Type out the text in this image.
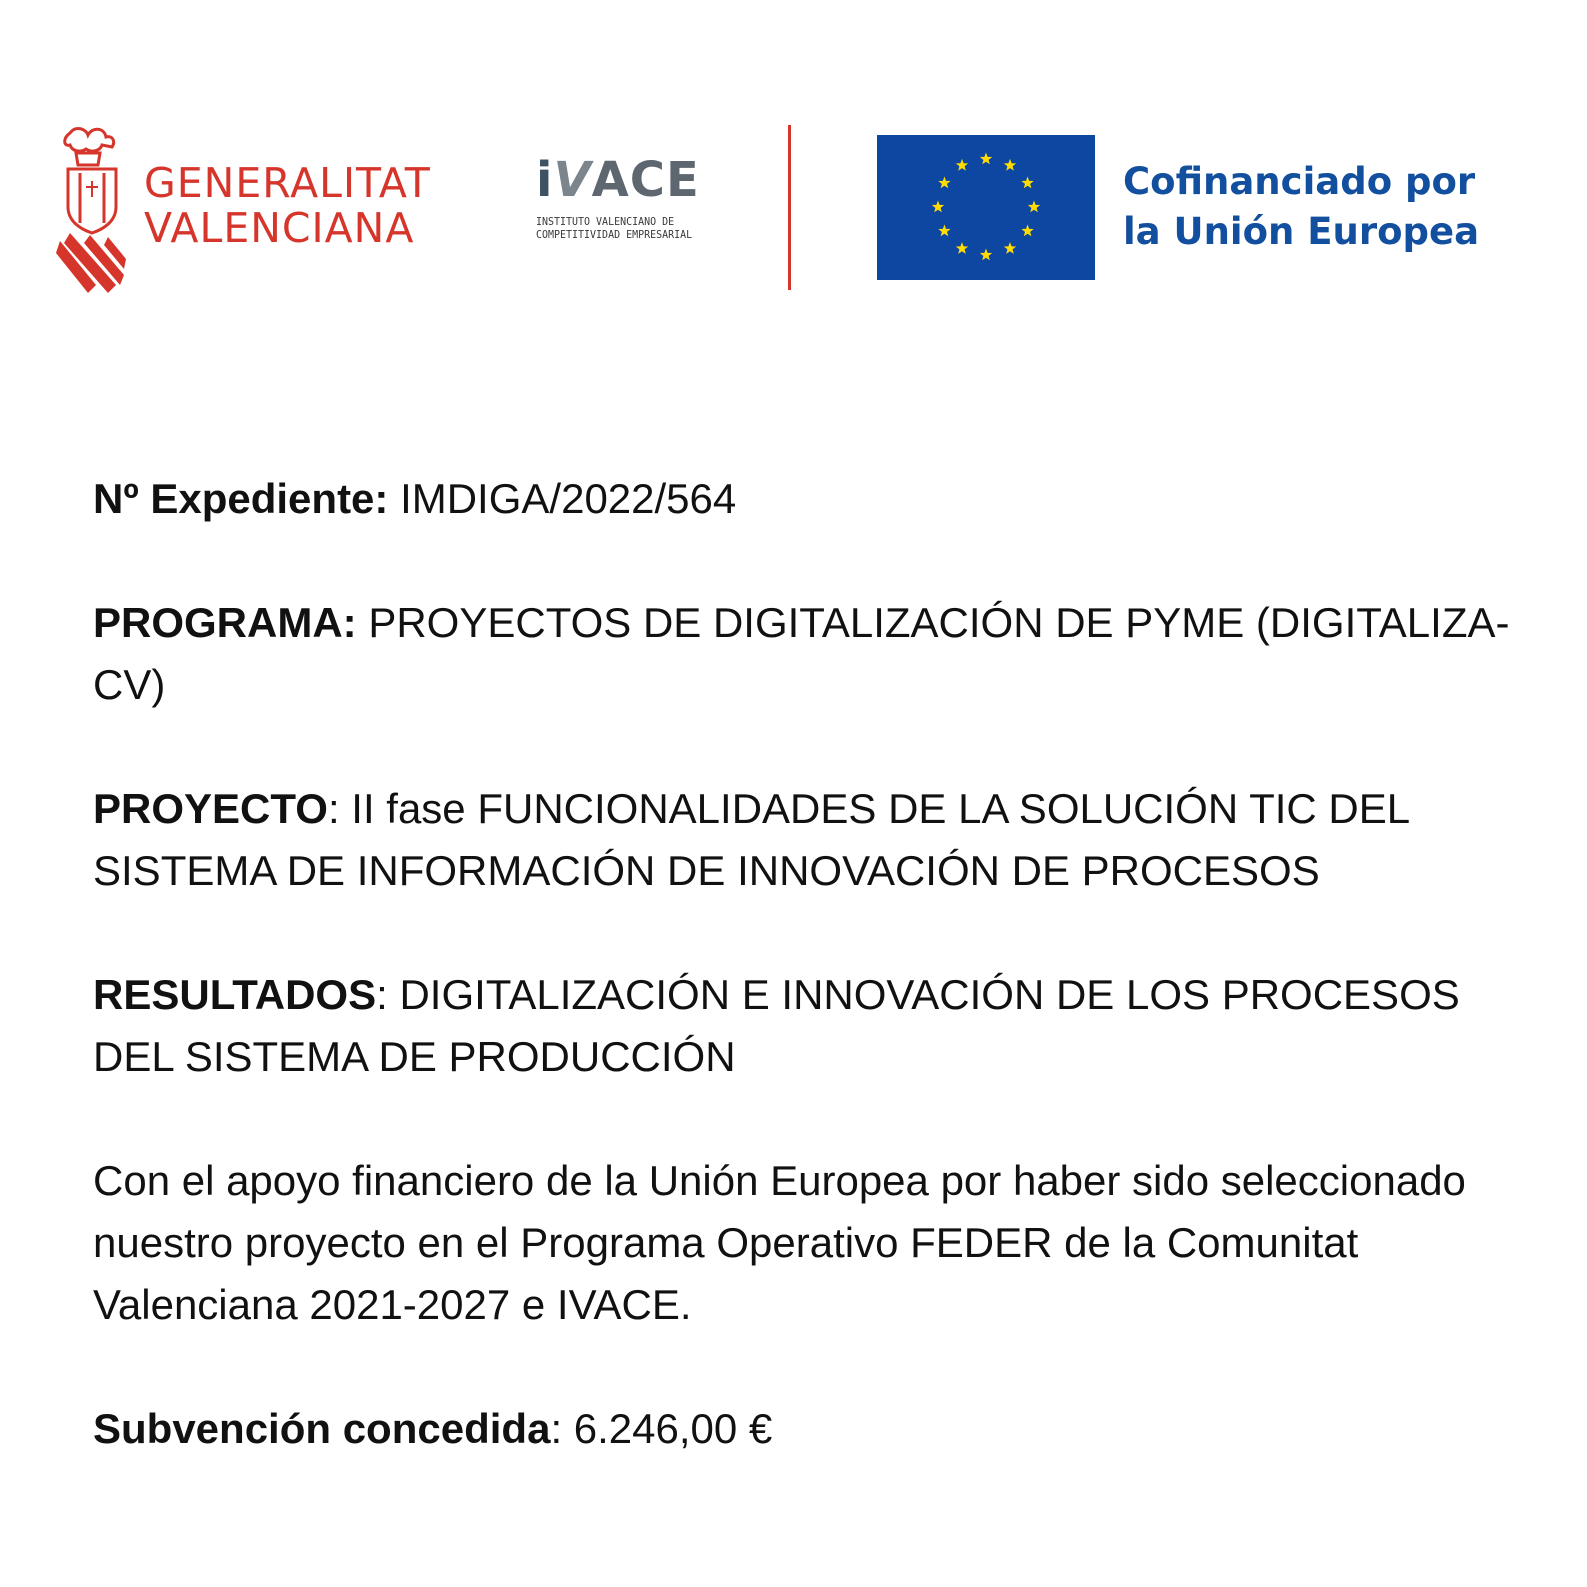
GENERALITAT
VALENCIANA
iVACE
INSTITUTO VALENCIANO DE
COMPETITIVIDAD EMPRESARIAL
Cofinanciado por
la Unión Europea

Nº Expediente: IMDIGA/2022/564

PROGRAMA: PROYECTOS DE DIGITALIZACIÓN DE PYME (DIGITALIZA-CV)

PROYECTO: II fase FUNCIONALIDADES DE LA SOLUCIÓN TIC DEL SISTEMA DE INFORMACIÓN DE INNOVACIÓN DE PROCESOS

RESULTADOS: DIGITALIZACIÓN E INNOVACIÓN DE LOS PROCESOS DEL SISTEMA DE PRODUCCIÓN

Con el apoyo financiero de la Unión Europea por haber sido seleccionado nuestro proyecto en el Programa Operativo FEDER de la Comunitat Valenciana 2021-2027 e IVACE.

Subvención concedida: 6.246,00 €
